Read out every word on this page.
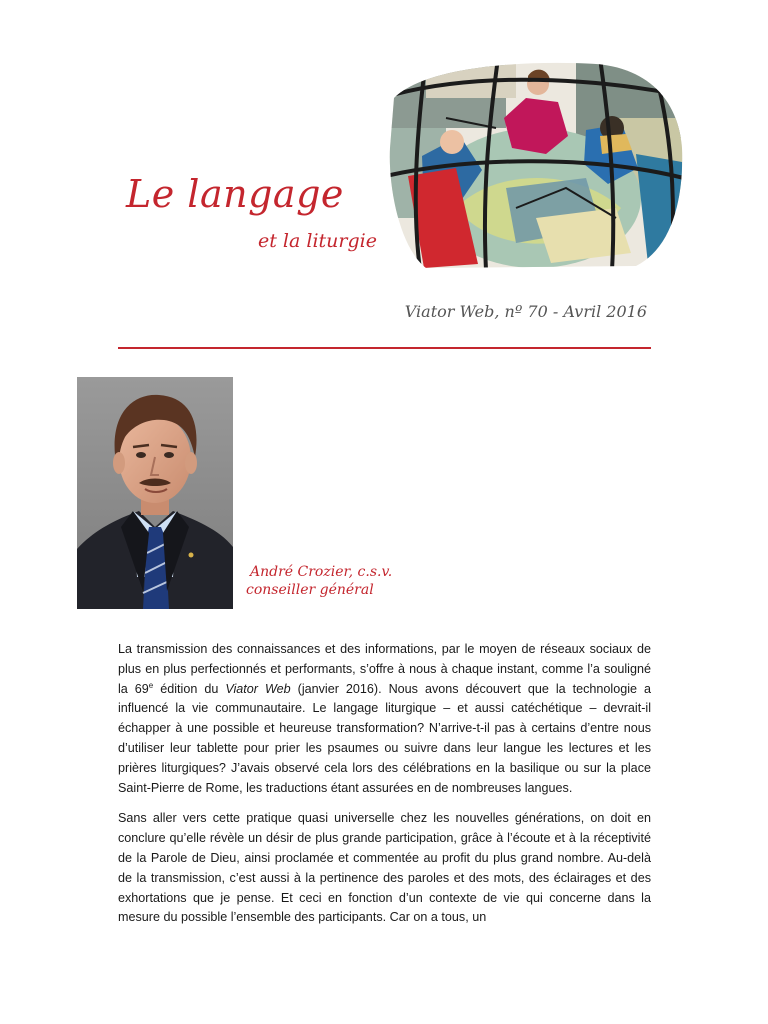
Le langage
et la liturgie
Viator Web, nº 70 - Avril 2016
André Crozier, c.s.v.
conseiller général

La transmission des connaissances et des informations, par le moyen de réseaux sociaux de plus en plus perfectionnés et performants, s’offre à nous à chaque instant, comme l’a souligné la 69e édition du Viator Web (janvier 2016). Nous avons découvert que la technologie a influencé la vie communautaire. Le langage liturgique – et aussi catéchétique – devrait-il échapper à une possible et heureuse transformation? N’arrive-t-il pas à certains d’entre nous d’utiliser leur tablette pour prier les psaumes ou suivre dans leur langue les lectures et les prières liturgiques? J’avais observé cela lors des célébrations en la basilique ou sur la place Saint-Pierre de Rome, les traductions étant assurées en de nombreuses langues.

Sans aller vers cette pratique quasi universelle chez les nouvelles générations, on doit en conclure qu’elle révèle un désir de plus grande participation, grâce à l’écoute et à la réceptivité de la Parole de Dieu, ainsi proclamée et commentée au profit du plus grand nombre. Au-delà de la transmission, c’est aussi à la pertinence des paroles et des mots, des éclairages et des exhortations que je pense. Et ceci en fonction d’un contexte de vie qui concerne dans la mesure du possible l’ensemble des participants. Car on a tous, un
